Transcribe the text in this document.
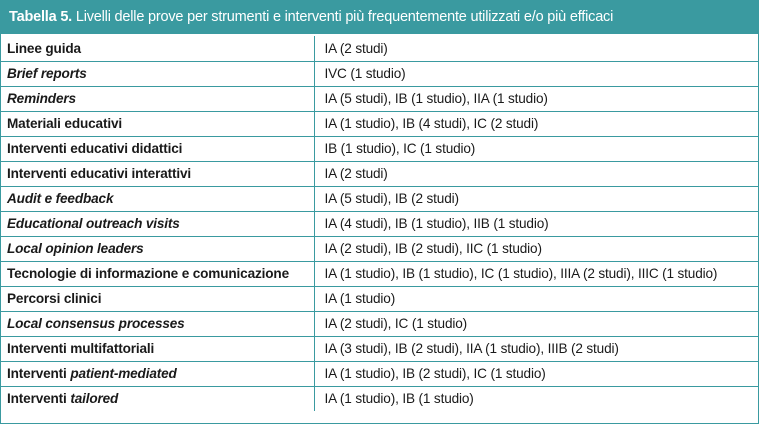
Tabella 5. Livelli delle prove per strumenti e interventi più frequentemente utilizzati e/o più efficaci
Linee guida	IA (2 studi)
Brief reports	IVC (1 studio)
Reminders	IA (5 studi), IB (1 studio), IIA (1 studio)
Materiali educativi	IA (1 studio), IB (4 studi), IC (2 studi)
Interventi educativi didattici	IB (1 studio), IC (1 studio)
Interventi educativi interattivi	IA (2 studi)
Audit e feedback	IA (5 studi), IB (2 studi)
Educational outreach visits	IA (4 studi), IB (1 studio), IIB (1 studio)
Local opinion leaders	IA (2 studi), IB (2 studi), IIC (1 studio)
Tecnologie di informazione e comunicazione	IA (1 studio), IB (1 studio), IC (1 studio), IIIA (2 studi), IIIC (1 studio)
Percorsi clinici	IA (1 studio)
Local consensus processes	IA (2 studi), IC (1 studio)
Interventi multifattoriali	IA (3 studi), IB (2 studi), IIA (1 studio), IIIB (2 studi)
Interventi patient-mediated	IA (1 studio), IB (2 studi), IC (1 studio)
Interventi tailored	IA (1 studio), IB (1 studio)
